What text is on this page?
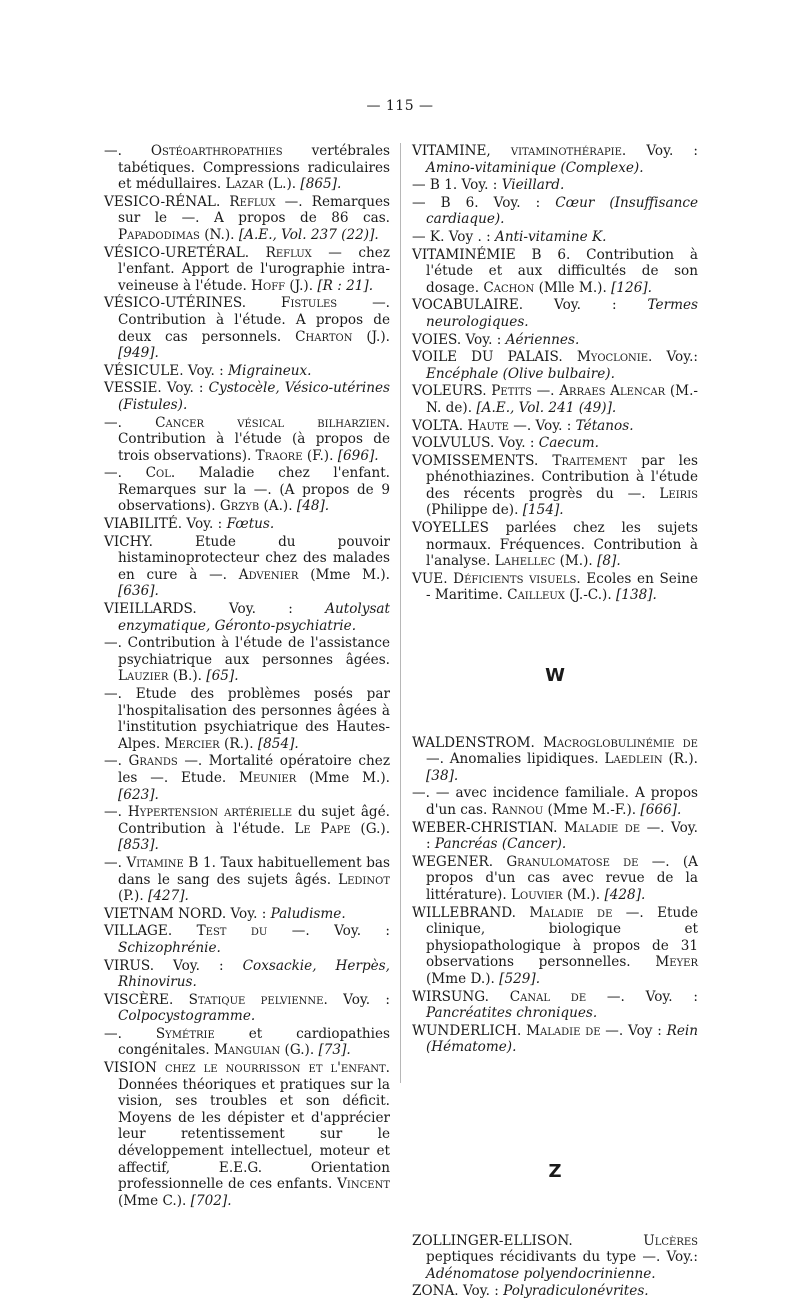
— 115 —
—. Ostéoarthropathies vertébrales tabétiques. Compressions radiculaires et médullaires. Lazar (L.). [865].
VESICO-RÉNAL. Reflux —. Remarques sur le —. A propos de 86 cas. Papadodimas (N.). [A.E., Vol. 237 (22)].
VÉSICO-URETÉRAL. Reflux — chez l'enfant. Apport de l'urographie intra-veineuse à l'étude. Hoff (J.). [R : 21].
VÉSICO-UTÉRINES. Fistules —. Contribution à l'étude. A propos de deux cas personnels. Charton (J.). [949].
VÉSICULE. Voy. : Migraineux.
VESSIE. Voy. : Cystocèle, Vésico-utérines (Fistules).
—. Cancer vésical bilharzien. Contribution à l'étude (à propos de trois observations). Traore (F.). [696].
—. Col. Maladie chez l'enfant. Remarques sur la —. (A propos de 9 observations). Grzyb (A.). [48].
VIABILITÉ. Voy. : Fœtus.
VICHY. Etude du pouvoir histaminoprotecteur chez des malades en cure à —. Advenier (Mme M.). [636].
VIEILLARDS. Voy. : Autolysat enzymatique, Géronto-psychiatrie.
—. Contribution à l'étude de l'assistance psychiatrique aux personnes âgées. Lauzier (B.). [65].
—. Etude des problèmes posés par l'hospitalisation des personnes âgées à l'institution psychiatrique des Hautes-Alpes. Mercier (R.). [854].
—. Grands —. Mortalité opératoire chez les —. Etude. Meunier (Mme M.). [623].
—. Hypertension artérielle du sujet âgé. Contribution à l'étude. Le Pape (G.). [853].
—. Vitamine B 1. Taux habituellement bas dans le sang des sujets âgés. Ledinot (P.). [427].
VIETNAM NORD. Voy. : Paludisme.
VILLAGE. Test du —. Voy. : Schizophrénie.
VIRUS. Voy. : Coxsackie, Herpès, Rhinovirus.
VISCÈRE. Statique pelvienne. Voy. : Colpocystogramme.
—. Symétrie et cardiopathies congénitales. Manguian (G.). [73].
VISION chez le nourrisson et l'enfant. Données théoriques et pratiques sur la vision, ses troubles et son déficit. Moyens de les dépister et d'apprécier leur retentissement sur le développement intellectuel, moteur et affectif, E.E.G. Orientation professionnelle de ces enfants. Vincent (Mme C.). [702].
VITAMINE, vitaminothérapie. Voy. : Amino-vitaminique (Complexe).
— B 1. Voy. : Vieillard.
— B 6. Voy. : Cœur (Insuffisance cardiaque).
— K. Voy . : Anti-vitamine K.
VITAMINÉMIE B 6. Contribution à l'étude et aux difficultés de son dosage. Cachon (Mlle M.). [126].
VOCABULAIRE. Voy. : Termes neurologiques.
VOIES. Voy. : Aériennes.
VOILE DU PALAIS. Myoclonie. Voy.: Encéphale (Olive bulbaire).
VOLEURS. Petits —. Arraes Alencar (M.-N. de). [A.E., Vol. 241 (49)].
VOLTA. Haute —. Voy. : Tétanos.
VOLVULUS. Voy. : Caecum.
VOMISSEMENTS. Traitement par les phénothiazines. Contribution à l'étude des récents progrès du —. Leiris (Philippe de). [154].
VOYELLES parlées chez les sujets normaux. Fréquences. Contribution à l'analyse. Lahellec (M.). [8].
VUE. Déficients visuels. Ecoles en Seine - Maritime. Cailleux (J.-C.). [138].
W
WALDENSTROM. Macroglobulinémie de —. Anomalies lipidiques. Laedlein (R.). [38].
—. — avec incidence familiale. A propos d'un cas. Rannou (Mme M.-F.). [666].
WEBER-CHRISTIAN. Maladie de —. Voy. : Pancréas (Cancer).
WEGENER. Granulomatose de —. (A propos d'un cas avec revue de la littérature). Louvier (M.). [428].
WILLEBRAND. Maladie de —. Etude clinique, biologique et physiopathologique à propos de 31 observations personnelles. Meyer (Mme D.). [529].
WIRSUNG. Canal de —. Voy. : Pancréatites chroniques.
WUNDERLICH. Maladie de —. Voy : Rein (Hématome).
Z
ZOLLINGER-ELLISON. Ulcères peptiques récidivants du type —. Voy.: Adénomatose polyendocrinienne.
ZONA. Voy. : Polyradiculonévrites.
